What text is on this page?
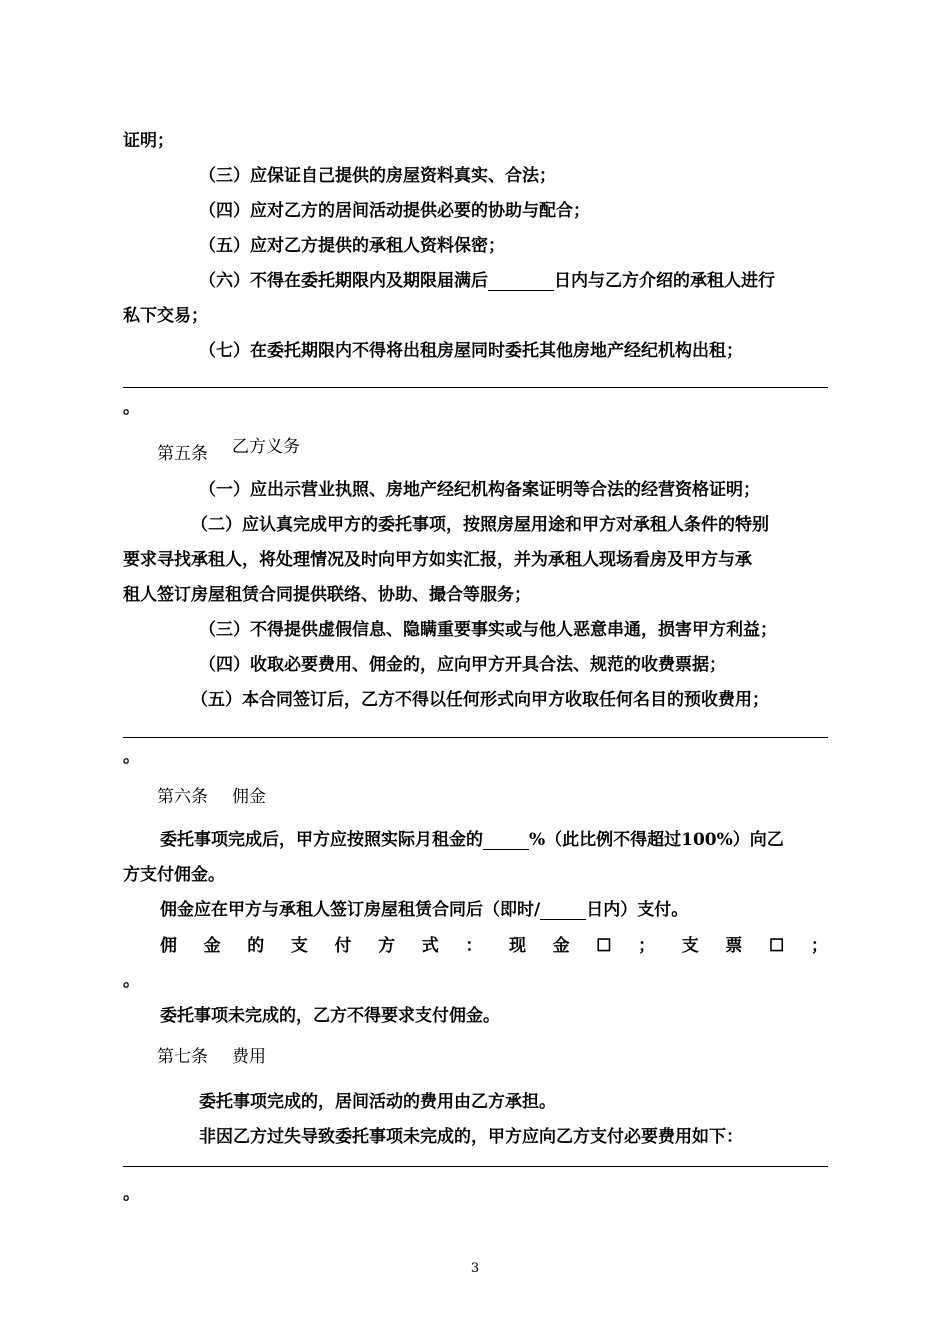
证明；
（三）应保证自己提供的房屋资料真实、合法；
（四）应对乙方的居间活动提供必要的协助与配合；
（五）应对乙方提供的承租人资料保密；
（六）不得在委托期限内及期限届满后	日内与乙方介绍的承租人进行
私下交易；
（七）在委托期限内不得将出租房屋同时委托其他房地产经纪机构出租；
。
第五条 乙方义务
（一）应出示营业执照、房地产经纪机构备案证明等合法的经营资格证明；
（二）应认真完成甲方的委托事项，按照房屋用途和甲方对承租人条件的特别
要求寻找承租人，将处理情况及时向甲方如实汇报，并为承租人现场看房及甲方与承
租人签订房屋租赁合同提供联络、协助、撮合等服务；
（三）不得提供虚假信息、隐瞒重要事实或与他人恶意串通，损害甲方利益；
（四）收取必要费用、佣金的，应向甲方开具合法、规范的收费票据；
（五）本合同签订后，乙方不得以任何形式向甲方收取任何名目的预收费用；
。
第六条 佣金
委托事项完成后，甲方应按照实际月租金的	%（此比例不得超过100%）向乙
方支付佣金。
佣金应在甲方与承租人签订房屋租赁合同后（即时/	日内）支付。
佣 金 的 支 付 方 式 ： 现 金 ☐ ； 支 票 ☐ ；
。
委托事项未完成的，乙方不得要求支付佣金。
第七条 费用
委托事项完成的，居间活动的费用由乙方承担。
非因乙方过失导致委托事项未完成的，甲方应向乙方支付必要费用如下：
。
3
